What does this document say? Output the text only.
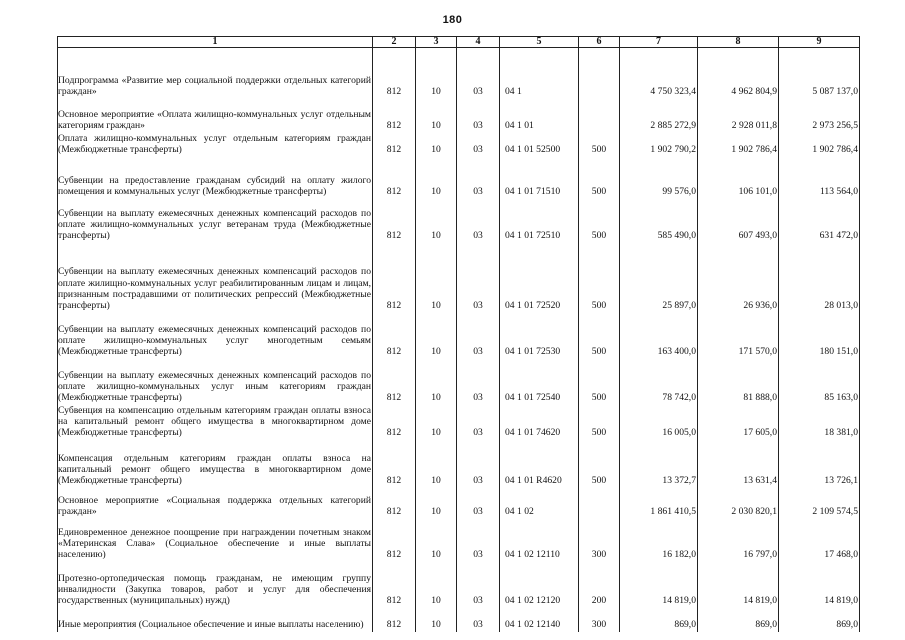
180
1	2	3	4	5	6	7	8	9
Подпрограмма «Развитие мер социальной поддержки отдельных категорий граждан»	812	10	03	04 1		4 750 323,4	4 962 804,9	5 087 137,0
Основное мероприятие «Оплата жилищно-коммунальных услуг отдельным категориям граждан»	812	10	03	04 1 01		2 885 272,9	2 928 011,8	2 973 256,5
Оплата жилищно-коммунальных услуг отдельным категориям граждан (Межбюджетные трансферты)	812	10	03	04 1 01 52500	500	1 902 790,2	1 902 786,4	1 902 786,4
Субвенции на предоставление гражданам субсидий на оплату жилого помещения и коммунальных услуг (Межбюджетные трансферты)	812	10	03	04 1 01 71510	500	99 576,0	106 101,0	113 564,0
Субвенции на выплату ежемесячных денежных компенсаций расходов по оплате жилищно-коммунальных услуг ветеранам труда (Межбюджетные трансферты)	812	10	03	04 1 01 72510	500	585 490,0	607 493,0	631 472,0
Субвенции на выплату ежемесячных денежных компенсаций расходов по оплате жилищно-коммунальных услуг реабилитированным лицам и лицам, признанным пострадавшими от политических репрессий (Межбюджетные трансферты)	812	10	03	04 1 01 72520	500	25 897,0	26 936,0	28 013,0
Субвенции на выплату ежемесячных денежных компенсаций расходов по оплате жилищно-коммунальных услуг многодетным семьям (Межбюджетные трансферты)	812	10	03	04 1 01 72530	500	163 400,0	171 570,0	180 151,0
Субвенции на выплату ежемесячных денежных компенсаций расходов по оплате жилищно-коммунальных услуг иным категориям граждан (Межбюджетные трансферты)	812	10	03	04 1 01 72540	500	78 742,0	81 888,0	85 163,0
Субвенция на компенсацию отдельным категориям граждан оплаты взноса на капитальный ремонт общего имущества в многоквартирном доме (Межбюджетные трансферты)	812	10	03	04 1 01 74620	500	16 005,0	17 605,0	18 381,0
Компенсация отдельным категориям граждан оплаты взноса на капитальный ремонт общего имущества в многоквартирном доме (Межбюджетные трансферты)	812	10	03	04 1 01 R4620	500	13 372,7	13 631,4	13 726,1
Основное мероприятие «Социальная поддержка отдельных категорий граждан»	812	10	03	04 1 02		1 861 410,5	2 030 820,1	2 109 574,5
Единовременное денежное поощрение при награждении почетным знаком «Материнская Слава» (Социальное обеспечение и иные выплаты населению)	812	10	03	04 1 02 12110	300	16 182,0	16 797,0	17 468,0
Протезно-ортопедическая помощь гражданам, не имеющим группу инвалидности (Закупка товаров, работ и услуг для обеспечения государственных (муниципальных) нужд)	812	10	03	04 1 02 12120	200	14 819,0	14 819,0	14 819,0
Иные мероприятия (Социальное обеспечение и иные выплаты населению)	812	10	03	04 1 02 12140	300	869,0	869,0	869,0
